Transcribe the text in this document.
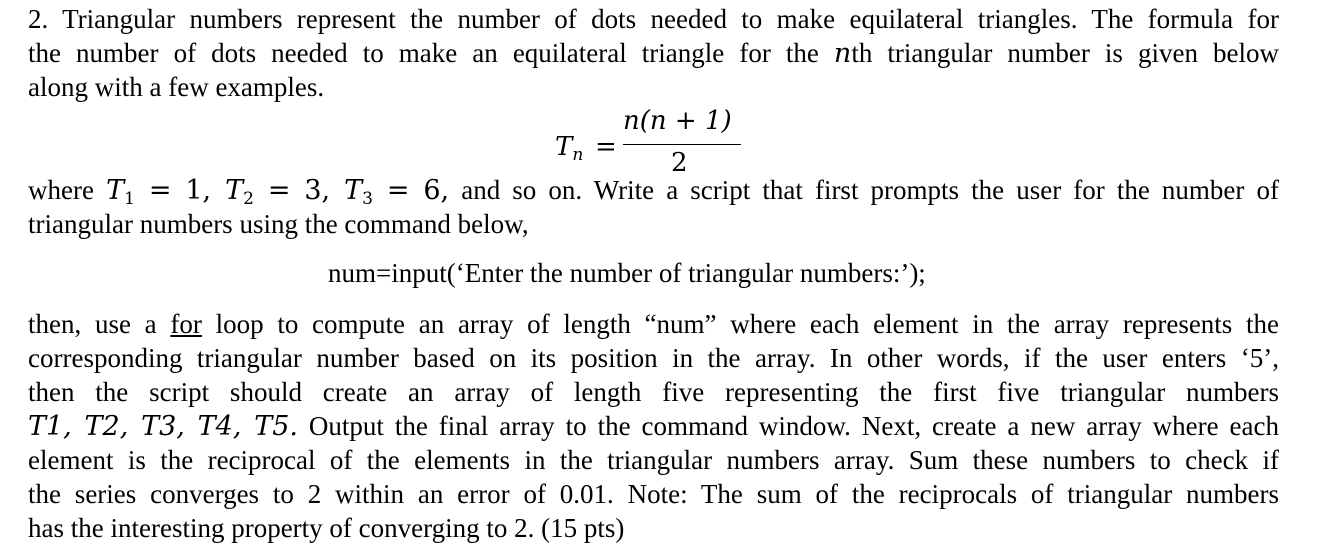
2. Triangular numbers represent the number of dots needed to make equilateral triangles. The formula for
the number of dots needed to make an equilateral triangle for the nth triangular number is given below
along with a few examples.
$T_n$ =
n(n + 1)
2
where $T_1 = 1$, $T_2 = 3$, $T_3 = 6$, and so on. Write a script that first prompts the user for the number of
triangular numbers using the command below,
num=input(‘Enter the number of triangular numbers:’);
then, use a for loop to compute an array of length “num” where each element in the array represents the
corresponding triangular number based on its position in the array. In other words, if the user enters ‘5’,
then the script should create an array of length five representing the first five triangular numbers
T1, T2, T3, T4, T5. Output the final array to the command window. Next, create a new array where each
element is the reciprocal of the elements in the triangular numbers array. Sum these numbers to check if
the series converges to 2 within an error of 0.01. Note: The sum of the reciprocals of triangular numbers
has the interesting property of converging to 2. (15 pts)
